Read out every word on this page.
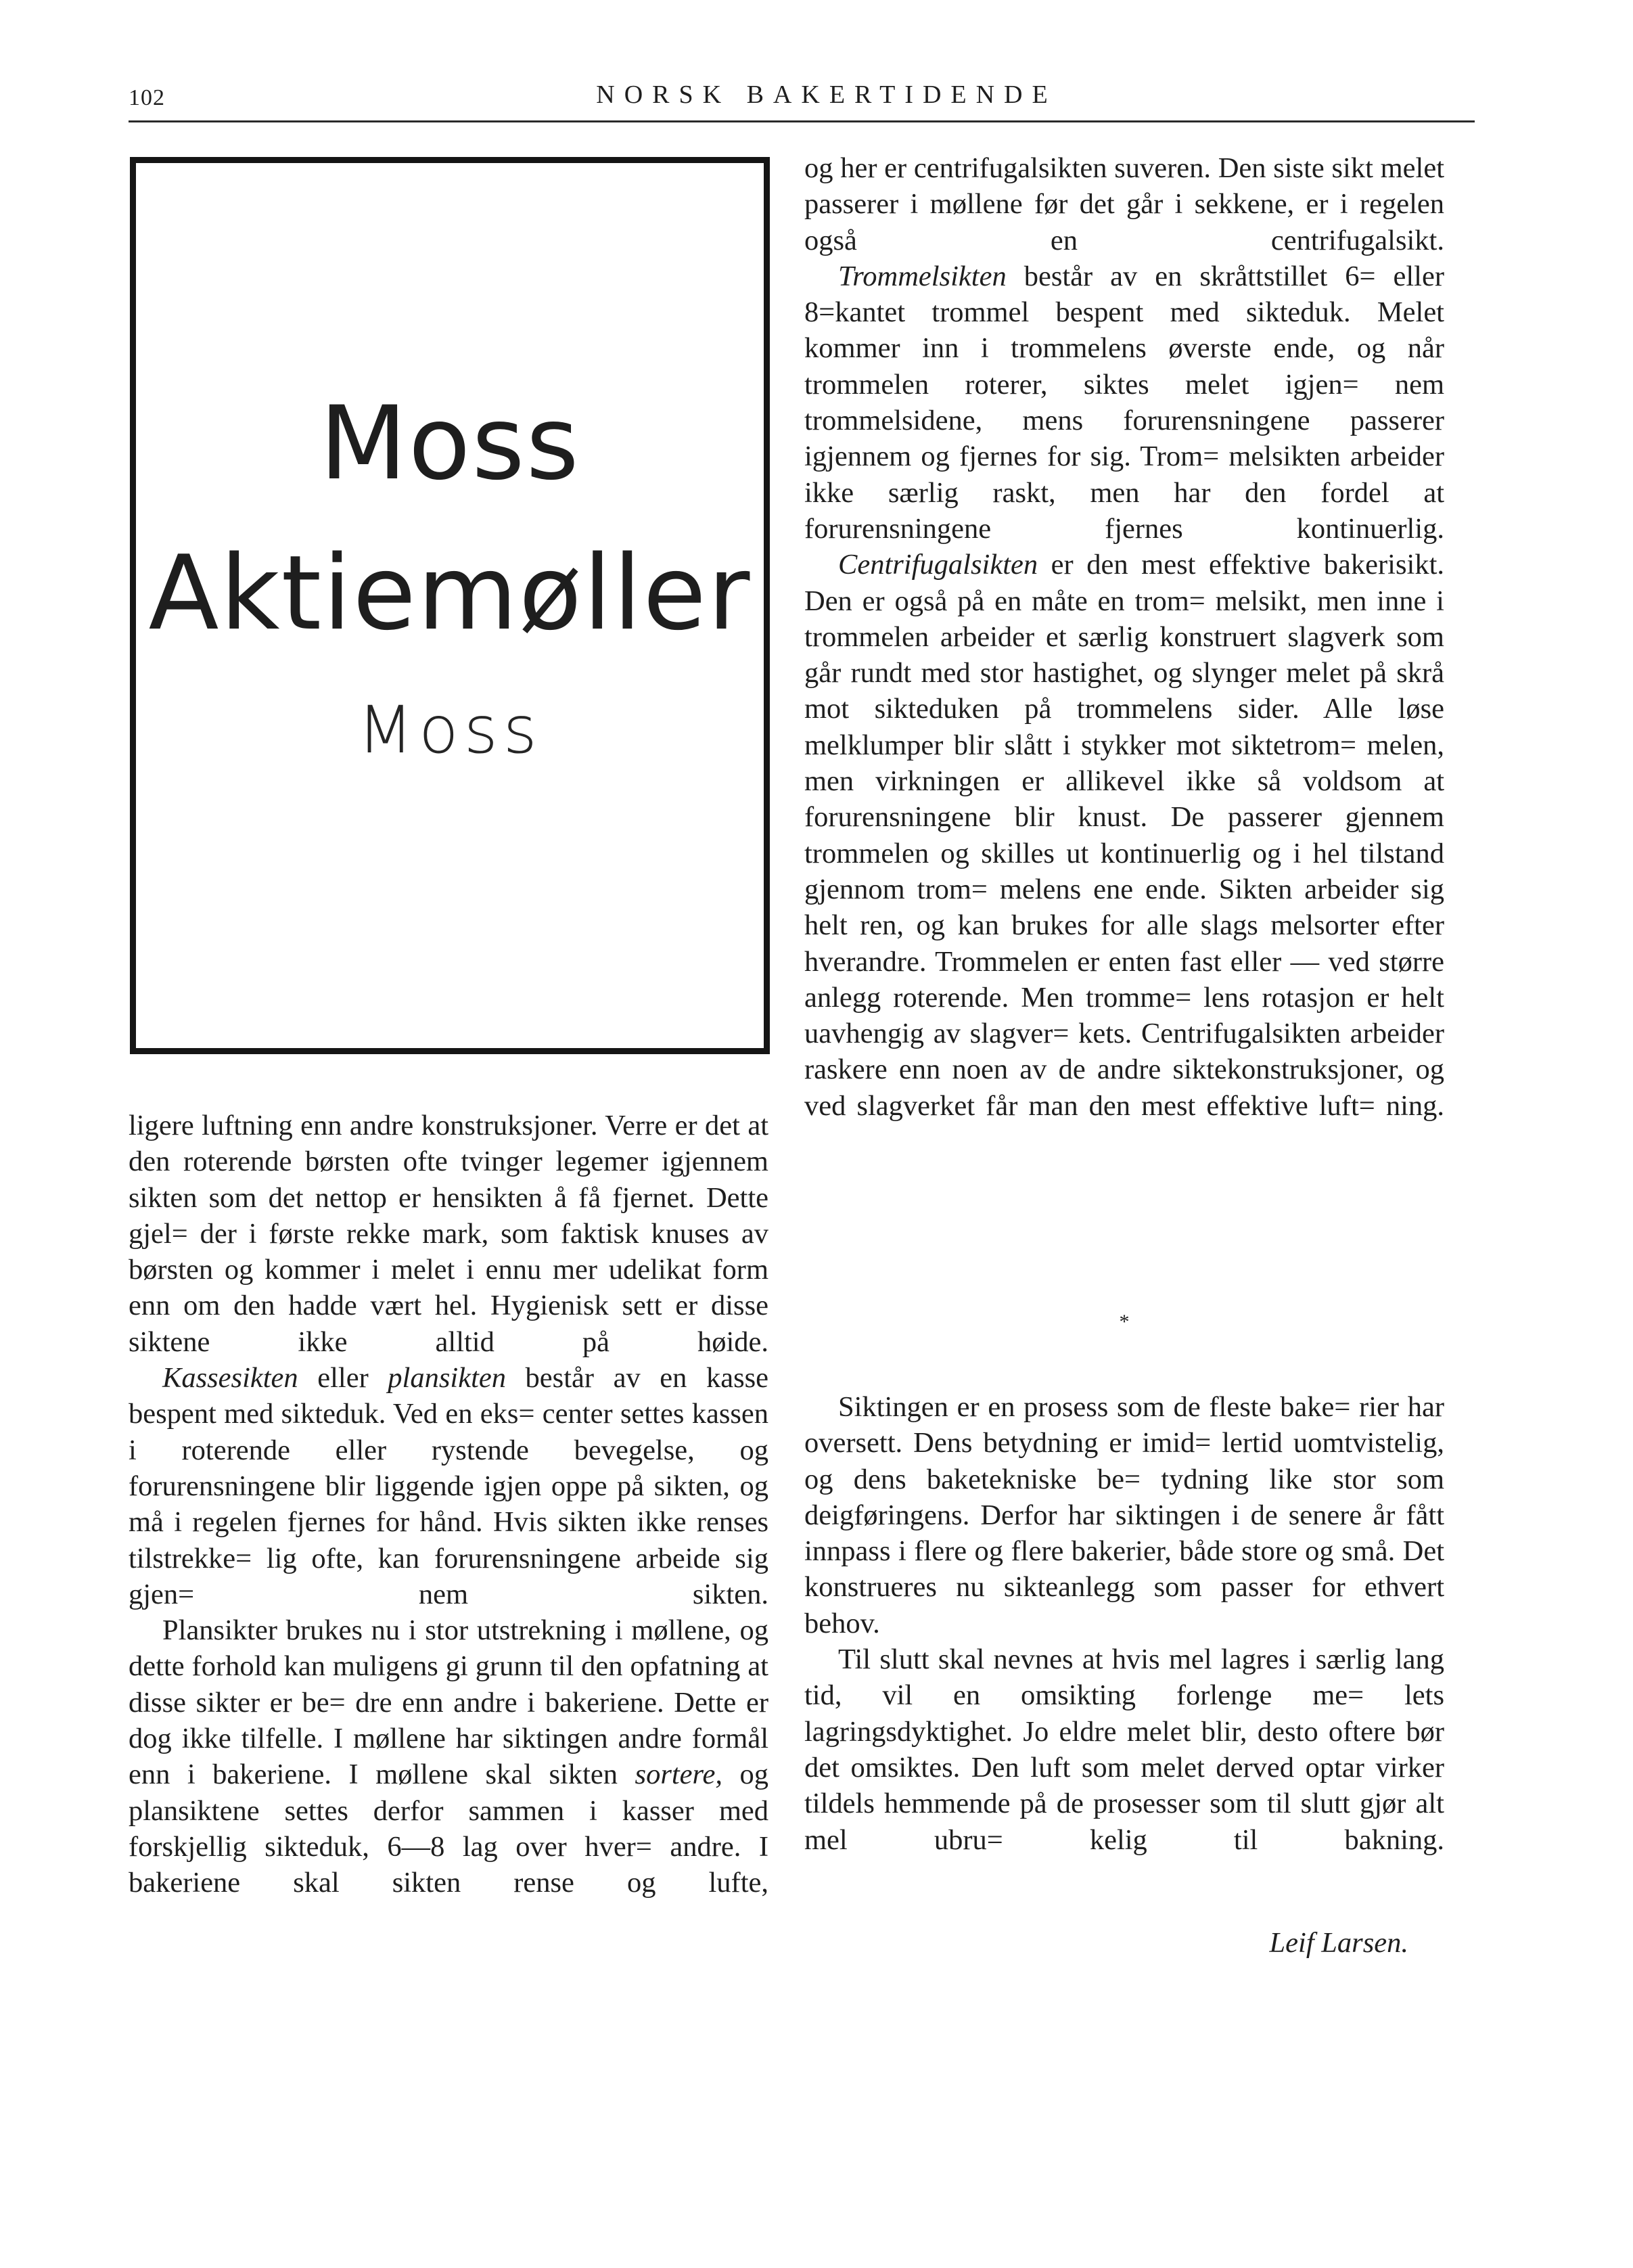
102	NORSK BAKERTIDENDE
Moss
Aktiemøller
Moss

ligere luftning enn andre konstruksjoner. Verre er det at den roterende børsten ofte tvinger legemer igjennem sikten som det nettop er hensikten å få fjernet. Dette gjel= der i første rekke mark, som faktisk knuses av børsten og kommer i melet i ennu mer udelikat form enn om den hadde vært hel. Hygienisk sett er disse siktene ikke alltid på	høide.

Kassesikten eller plansikten består av en kasse bespent med sikteduk. Ved en eks= center settes kassen i roterende eller rystende bevegelse, og forurensningene blir liggende igjen oppe på sikten, og må i regelen fjernes for hånd. Hvis sikten ikke renses tilstrekke= lig ofte, kan forurensningene arbeide sig gjen=	nem sikten.

Plansikter brukes nu i stor utstrekning i møllene, og dette forhold kan muligens gi grunn til den opfatning at disse sikter er be= dre enn andre i bakeriene. Dette er dog ikke tilfelle. I møllene har siktingen andre formål enn i bakeriene. I møllene skal sikten sortere, og plansiktene settes derfor sammen i kasser med forskjellig sikteduk, 6—8 lag over hver= andre. I bakeriene skal sikten rense og lufte,

og her er centrifugalsikten suveren. Den siste sikt melet passerer i møllene før det går i sekkene, er i regelen også en centrifugalsikt.

Trommelsikten består av en skråttstillet 6= eller 8=kantet trommel bespent med sikteduk. Melet kommer inn i trommelens øverste ende, og når trommelen roterer, siktes melet igjen= nem trommelsidene, mens forurensningene passerer igjennem og fjernes for sig. Trom= melsikten arbeider ikke særlig raskt, men har den fordel at forurensningene fjernes	kontinuerlig.

Centrifugalsikten er den mest effektive bakerisikt. Den er også på en måte en trom= melsikt, men inne i trommelen arbeider et særlig konstruert slagverk som går rundt med stor hastighet, og slynger melet på skrå mot sikteduken på trommelens sider. Alle løse melklumper blir slått i stykker mot siktetrom= melen, men virkningen er allikevel ikke så voldsom at forurensningene blir knust. De passerer gjennem trommelen og skilles ut kontinuerlig og i hel tilstand gjennom trom= melens ene ende. Sikten arbeider sig helt ren, og kan brukes for alle slags melsorter efter hverandre. Trommelen er enten fast eller — ved større anlegg roterende. Men tromme= lens rotasjon er helt uavhengig av slagver= kets. Centrifugalsikten arbeider raskere enn noen av de andre siktekonstruksjoner, og ved slagverket får man den mest effektive luft= ning.

*

Siktingen er en prosess som de fleste bake= rier har oversett. Dens betydning er imid= lertid uomtvistelig, og dens baketekniske be= tydning like stor som deigføringens. Derfor har siktingen i de senere år fått innpass i flere og flere bakerier, både store og små. Det konstrueres nu sikteanlegg som passer for ethvert behov.

Til slutt skal nevnes at hvis mel lagres i særlig lang tid, vil en omsikting forlenge me= lets lagringsdyktighet. Jo eldre melet blir, desto oftere bør det omsiktes. Den luft som melet derved optar virker tildels hemmende på de prosesser som til slutt gjør alt mel ubru=	kelig til bakning.

Leif Larsen.
